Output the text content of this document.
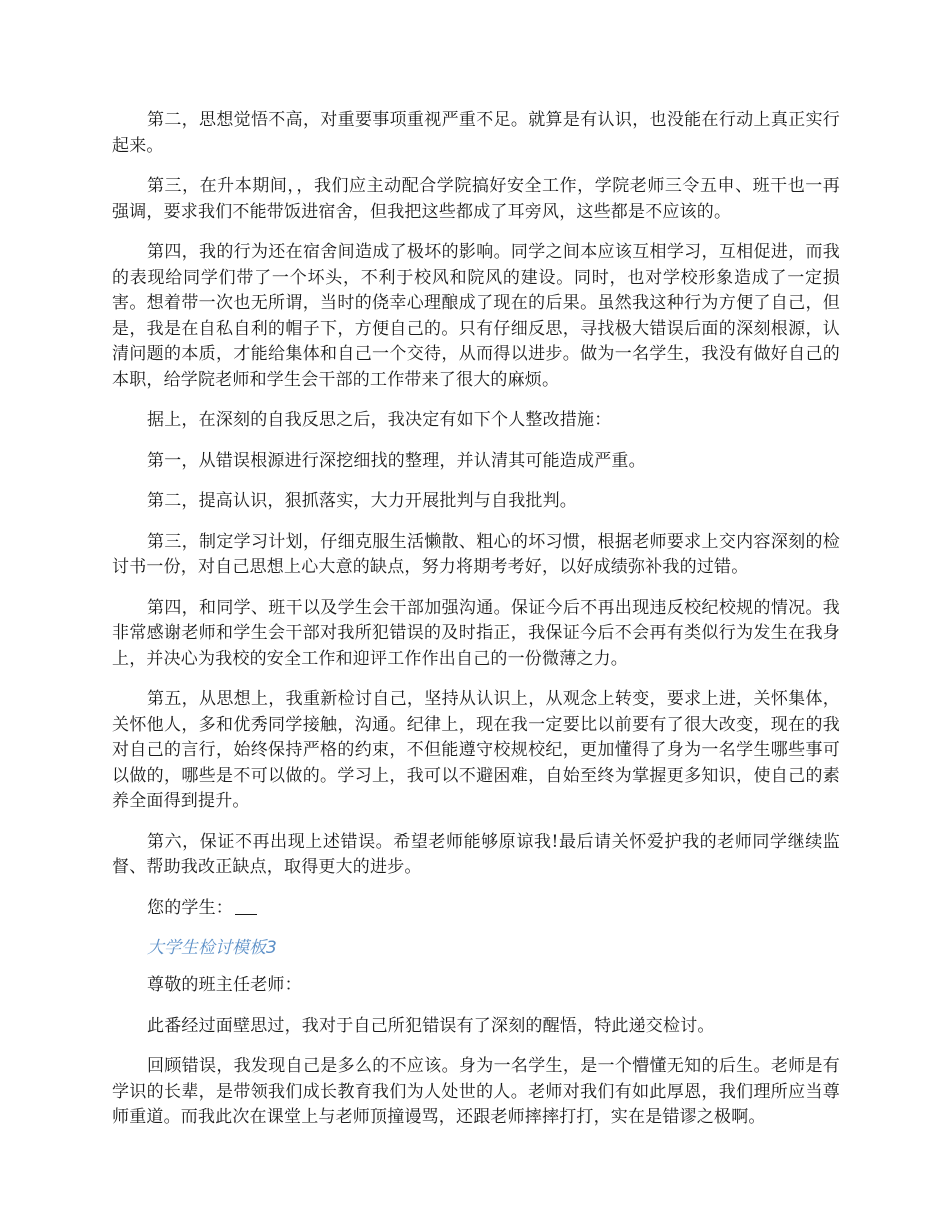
第二，思想觉悟不高，对重要事项重视严重不足。就算是有认识，也没能在行动上真正实行起来。

第三，在升本期间，，我们应主动配合学院搞好安全工作，学院老师三令五申、班干也一再强调，要求我们不能带饭进宿舍，但我把这些都成了耳旁风，这些都是不应该的。

第四，我的行为还在宿舍间造成了极坏的影响。同学之间本应该互相学习，互相促进，而我的表现给同学们带了一个坏头，不利于校风和院风的建设。同时，也对学校形象造成了一定损害。想着带一次也无所谓，当时的侥幸心理酿成了现在的后果。虽然我这种行为方便了自己，但是，我是在自私自利的帽子下，方便自己的。只有仔细反思，寻找极大错误后面的深刻根源，认清问题的本质，才能给集体和自己一个交待，从而得以进步。做为一名学生，我没有做好自己的本职，给学院老师和学生会干部的工作带来了很大的麻烦。

据上，在深刻的自我反思之后，我决定有如下个人整改措施：

第一，从错误根源进行深挖细找的整理，并认清其可能造成严重。

第二，提高认识，狠抓落实，大力开展批判与自我批判。

第三，制定学习计划，仔细克服生活懒散、粗心的坏习惯，根据老师要求上交内容深刻的检讨书一份，对自己思想上心大意的缺点，努力将期考考好，以好成绩弥补我的过错。

第四，和同学、班干以及学生会干部加强沟通。保证今后不再出现违反校纪校规的情况。我非常感谢老师和学生会干部对我所犯错误的及时指正，我保证今后不会再有类似行为发生在我身上，并决心为我校的安全工作和迎评工作作出自己的一份微薄之力。

第五，从思想上，我重新检讨自己，坚持从认识上，从观念上转变，要求上进，关怀集体，关怀他人，多和优秀同学接触，沟通。纪律上，现在我一定要比以前要有了很大改变，现在的我对自己的言行，始终保持严格的约束，不但能遵守校规校纪，更加懂得了身为一名学生哪些事可以做的，哪些是不可以做的。学习上，我可以不避困难，自始至终为掌握更多知识，使自己的素养全面得到提升。

第六，保证不再出现上述错误。希望老师能够原谅我!最后请关怀爱护我的老师同学继续监督、帮助我改正缺点，取得更大的进步。

您的学生：

大学生检讨模板3

尊敬的班主任老师：

此番经过面壁思过，我对于自己所犯错误有了深刻的醒悟，特此递交检讨。

回顾错误，我发现自己是多么的不应该。身为一名学生，是一个懵懂无知的后生。老师是有学识的长辈，是带领我们成长教育我们为人处世的人。老师对我们有如此厚恩，我们理所应当尊师重道。而我此次在课堂上与老师顶撞谩骂，还跟老师摔摔打打，实在是错谬之极啊。
